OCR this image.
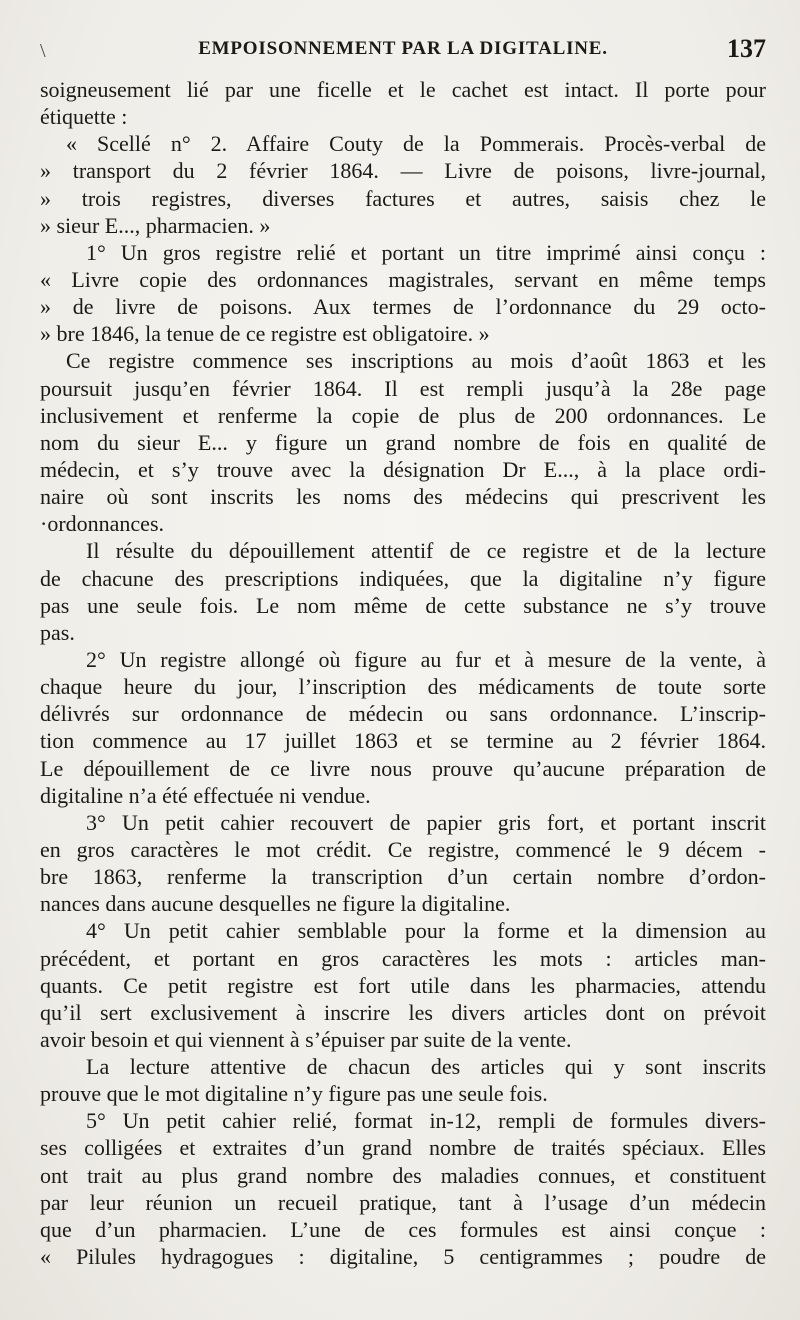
\	EMPOISONNEMENT PAR LA DIGITALINE.	137
soigneusement lié par une ficelle et le cachet est intact. Il porte pour
étiquette :
« Scellé n° 2. Affaire Couty de la Pommerais. Procès-verbal de
» transport du 2 février 1864. — Livre de poisons, livre-journal,
» trois registres, diverses factures et autres, saisis chez le
» sieur E..., pharmacien. »
1° Un gros registre relié et portant un titre imprimé ainsi conçu :
« Livre copie des ordonnances magistrales, servant en même temps
» de livre de poisons. Aux termes de l’ordonnance du 29 octo-
» bre 1846, la tenue de ce registre est obligatoire. »
Ce registre commence ses inscriptions au mois d’août 1863 et les
poursuit jusqu’en février 1864. Il est rempli jusqu’à la 28e page
inclusivement et renferme la copie de plus de 200 ordonnances. Le
nom du sieur E... y figure un grand nombre de fois en qualité de
médecin, et s’y trouve avec la désignation Dr E..., à la place ordi-
naire où sont inscrits les noms des médecins qui prescrivent les
·ordonnances.
Il résulte du dépouillement attentif de ce registre et de la lecture
de chacune des prescriptions indiquées, que la digitaline n’y figure
pas une seule fois. Le nom même de cette substance ne s’y trouve
pas.
2° Un registre allongé où figure au fur et à mesure de la vente, à
chaque heure du jour, l’inscription des médicaments de toute sorte
délivrés sur ordonnance de médecin ou sans ordonnance. L’inscrip-
tion commence au 17 juillet 1863 et se termine au 2 février 1864.
Le dépouillement de ce livre nous prouve qu’aucune préparation de
digitaline n’a été effectuée ni vendue.
3° Un petit cahier recouvert de papier gris fort, et portant inscrit
en gros caractères le mot crédit. Ce registre, commencé le 9 décem -
bre 1863, renferme la transcription d’un certain nombre d’ordon-
nances dans aucune desquelles ne figure la digitaline.
4° Un petit cahier semblable pour la forme et la dimension au
précédent, et portant en gros caractères les mots : articles man-
quants. Ce petit registre est fort utile dans les pharmacies, attendu
qu’il sert exclusivement à inscrire les divers articles dont on prévoit
avoir besoin et qui viennent à s’épuiser par suite de la vente.
La lecture attentive de chacun des articles qui y sont inscrits
prouve que le mot digitaline n’y figure pas une seule fois.
5° Un petit cahier relié, format in-12, rempli de formules divers-
ses colligées et extraites d’un grand nombre de traités spéciaux. Elles
ont trait au plus grand nombre des maladies connues, et constituent
par leur réunion un recueil pratique, tant à l’usage d’un médecin
que d’un pharmacien. L’une de ces formules est ainsi conçue :
« Pilules hydragogues : digitaline, 5 centigrammes ; poudre de
